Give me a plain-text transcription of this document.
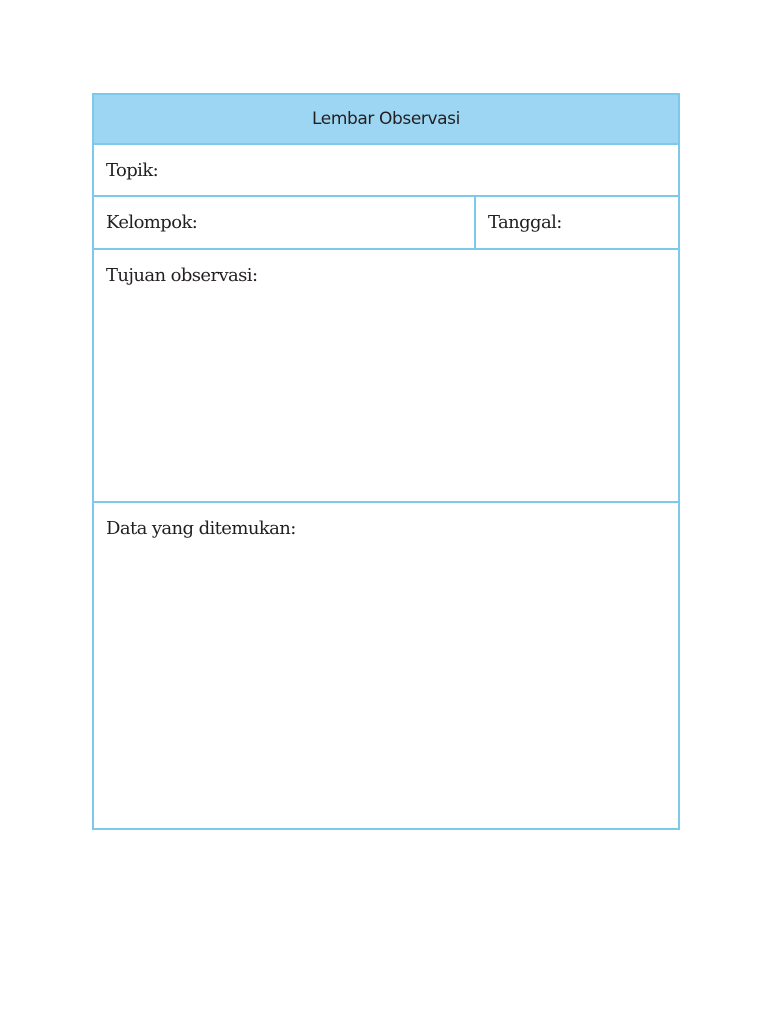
Lembar Observasi
Topik:
Kelompok:	Tanggal:
Tujuan observasi:
Data yang ditemukan:
